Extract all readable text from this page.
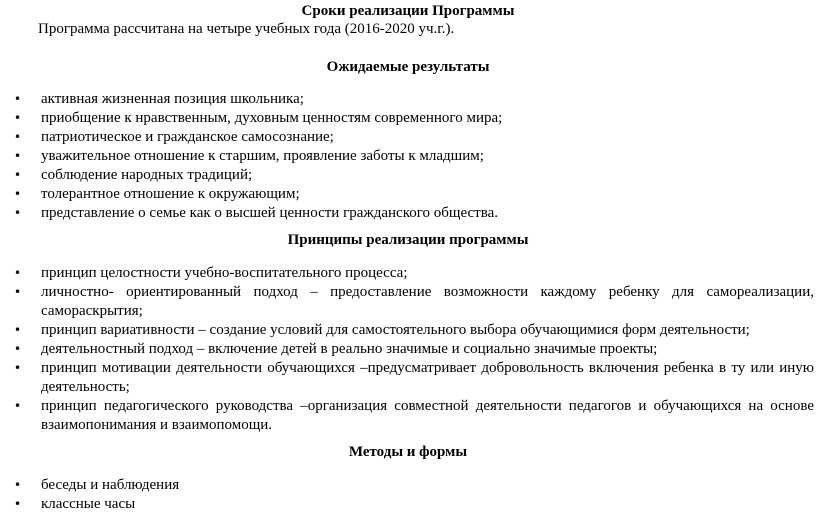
Сроки реализации Программы

Программа рассчитана на четыре учебных года (2016-2020 уч.г.).

Ожидаемые результаты

• активная жизненная позиция школьника;
• приобщение к нравственным, духовным ценностям современного мира;
• патриотическое и гражданское самосознание;
• уважительное отношение к старшим, проявление заботы к младшим;
• соблюдение народных традиций;
• толерантное отношение к окружающим;
• представление о семье как о высшей ценности гражданского общества.

Принципы реализации программы

• принцип целостности учебно-воспитательного процесса;
• личностно- ориентированный подход – предоставление возможности каждому ребенку для самореализации, самораскрытия;
• принцип вариативности – создание условий для самостоятельного выбора обучающимися форм деятельности;
• деятельностный подход – включение детей в реально значимые и социально значимые проекты;
• принцип мотивации деятельности обучающихся –предусматривает добровольность включения ребенка в ту или иную деятельность;
• принцип педагогического руководства –организация совместной деятельности педагогов и обучающихся на основе взаимопонимания и взаимопомощи.

Методы и формы

• беседы и наблюдения
• классные часы
